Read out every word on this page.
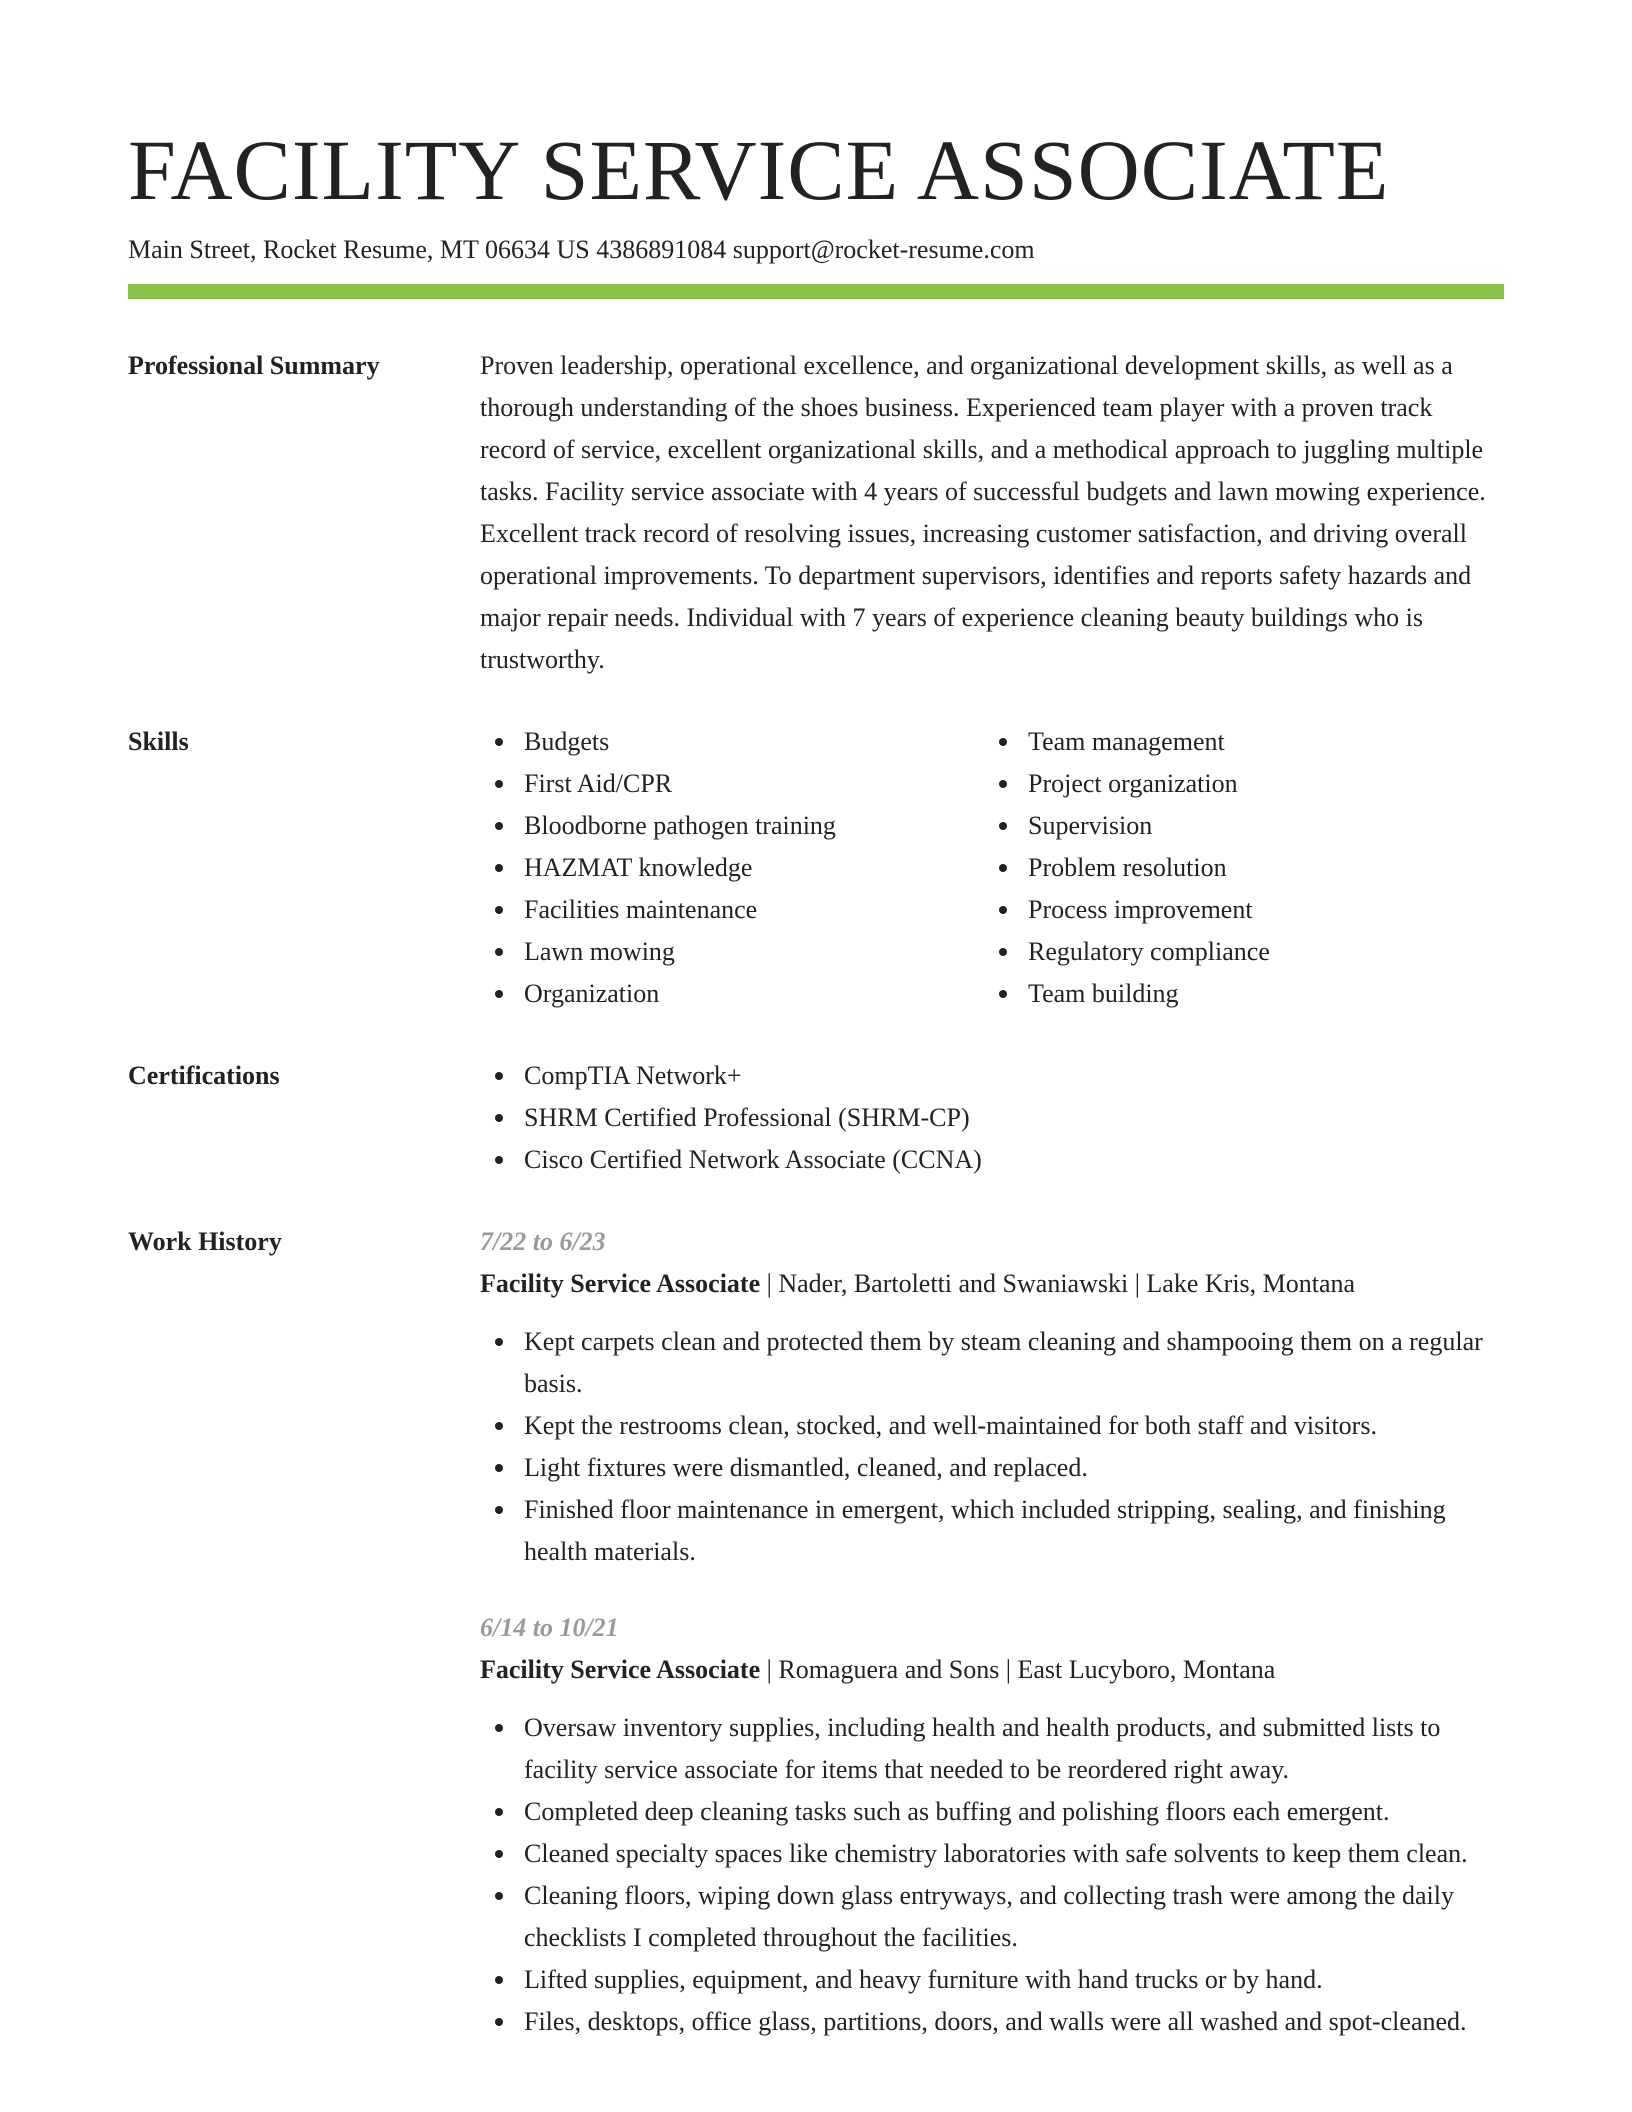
FACILITY SERVICE ASSOCIATE
Main Street, Rocket Resume, MT 06634 US 4386891084 support@rocket-resume.com
Professional Summary	Proven leadership, operational excellence, and organizational development skills, as well as a thorough understanding of the shoes business. Experienced team player with a proven track record of service, excellent organizational skills, and a methodical approach to juggling multiple tasks. Facility service associate with 4 years of successful budgets and lawn mowing experience. Excellent track record of resolving issues, increasing customer satisfaction, and driving overall operational improvements. To department supervisors, identifies and reports safety hazards and major repair needs. Individual with 7 years of experience cleaning beauty buildings who is trustworthy.

Skills	Budgets
First Aid/CPR
Bloodborne pathogen training
HAZMAT knowledge
Facilities maintenance
Lawn mowing
Organization
Team management
Project organization
Supervision
Problem resolution
Process improvement
Regulatory compliance
Team building
Certifications	CompTIA Network+
SHRM Certified Professional (SHRM-CP)
Cisco Certified Network Associate (CCNA)
Work History	7/22 to 6/23
Facility Service Associate | Nader, Bartoletti and Swaniawski | Lake Kris, Montana
Kept carpets clean and protected them by steam cleaning and shampooing them on a regular basis.
Kept the restrooms clean, stocked, and well-maintained for both staff and visitors.
Light fixtures were dismantled, cleaned, and replaced.
Finished floor maintenance in emergent, which included stripping, sealing, and finishing health materials.
6/14 to 10/21
Facility Service Associate | Romaguera and Sons | East Lucyboro, Montana
Oversaw inventory supplies, including health and health products, and submitted lists to facility service associate for items that needed to be reordered right away.
Completed deep cleaning tasks such as buffing and polishing floors each emergent.
Cleaned specialty spaces like chemistry laboratories with safe solvents to keep them clean.
Cleaning floors, wiping down glass entryways, and collecting trash were among the daily checklists I completed throughout the facilities.
Lifted supplies, equipment, and heavy furniture with hand trucks or by hand.
Files, desktops, office glass, partitions, doors, and walls were all washed and spot-cleaned.
